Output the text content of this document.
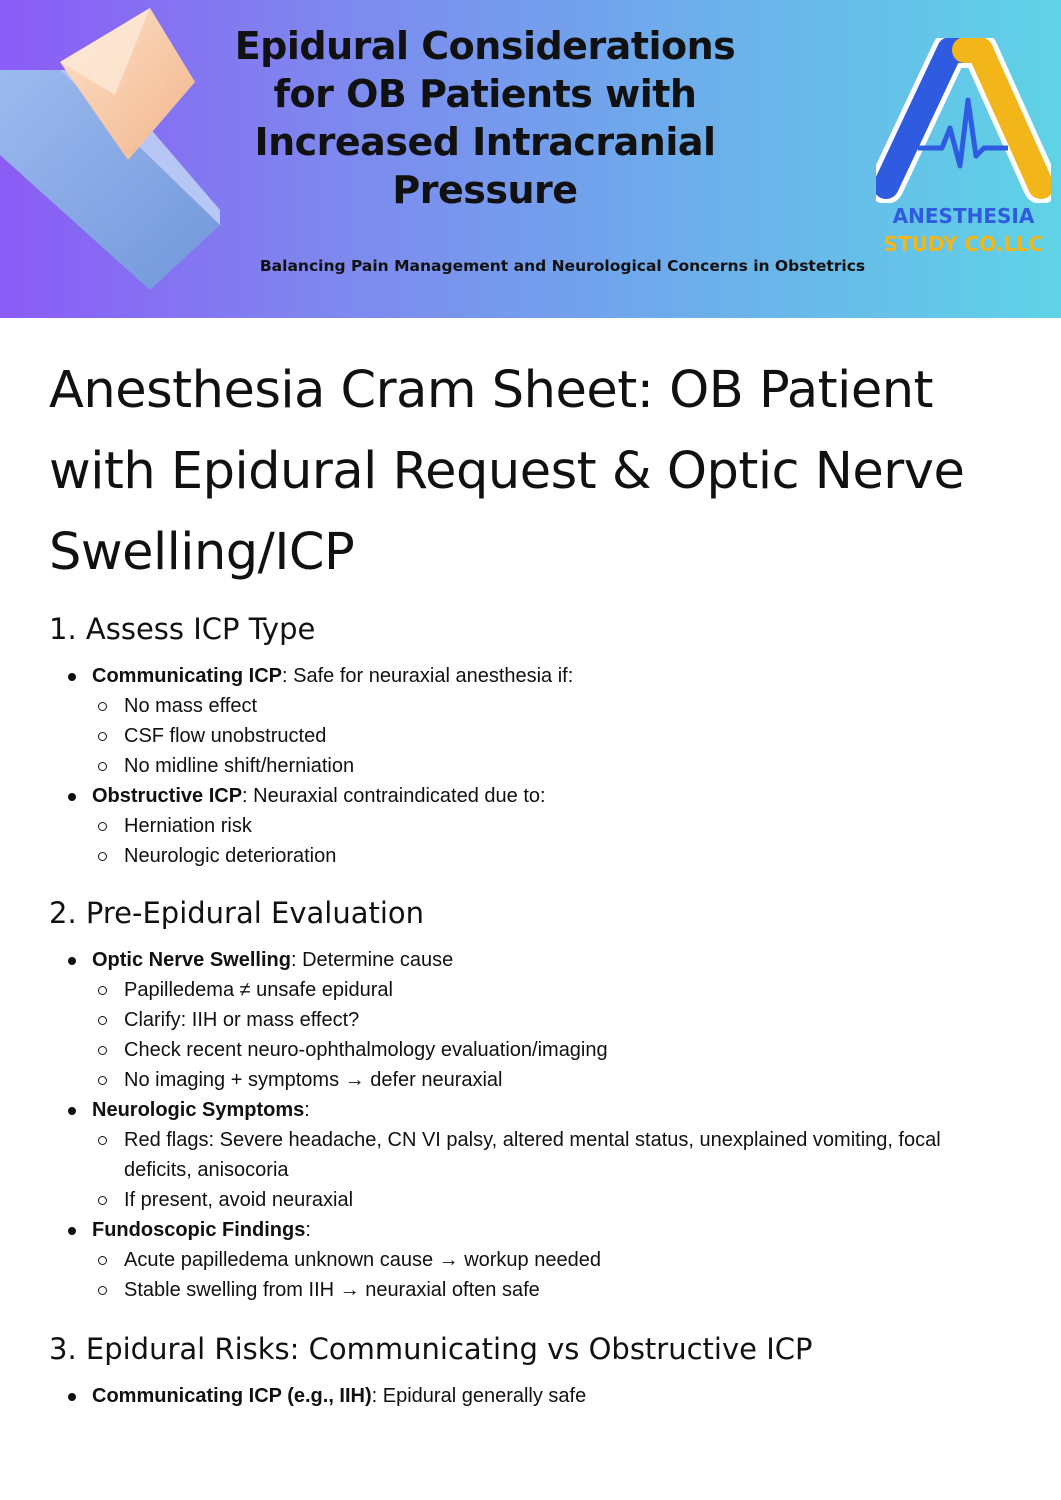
Epidural Considerations for OB Patients with Increased Intracranial Pressure

Balancing Pain Management and Neurological Concerns in Obstetrics

ANESTHESIA
STUDY CO.LLC
Anesthesia Cram Sheet: OB Patient with Epidural Request & Optic Nerve Swelling/ICP
1. Assess ICP Type
Communicating ICP: Safe for neuraxial anesthesia if:
No mass effect
CSF flow unobstructed
No midline shift/herniation
Obstructive ICP: Neuraxial contraindicated due to:
Herniation risk
Neurologic deterioration
2. Pre-Epidural Evaluation
Optic Nerve Swelling: Determine cause
Papilledema ≠ unsafe epidural
Clarify: IIH or mass effect?
Check recent neuro-ophthalmology evaluation/imaging
No imaging + symptoms → defer neuraxial
Neurologic Symptoms:
Red flags: Severe headache, CN VI palsy, altered mental status, unexplained vomiting, focal deficits, anisocoria
If present, avoid neuraxial
Fundoscopic Findings:
Acute papilledema unknown cause → workup needed
Stable swelling from IIH → neuraxial often safe
3. Epidural Risks: Communicating vs Obstructive ICP
Communicating ICP (e.g., IIH): Epidural generally safe
